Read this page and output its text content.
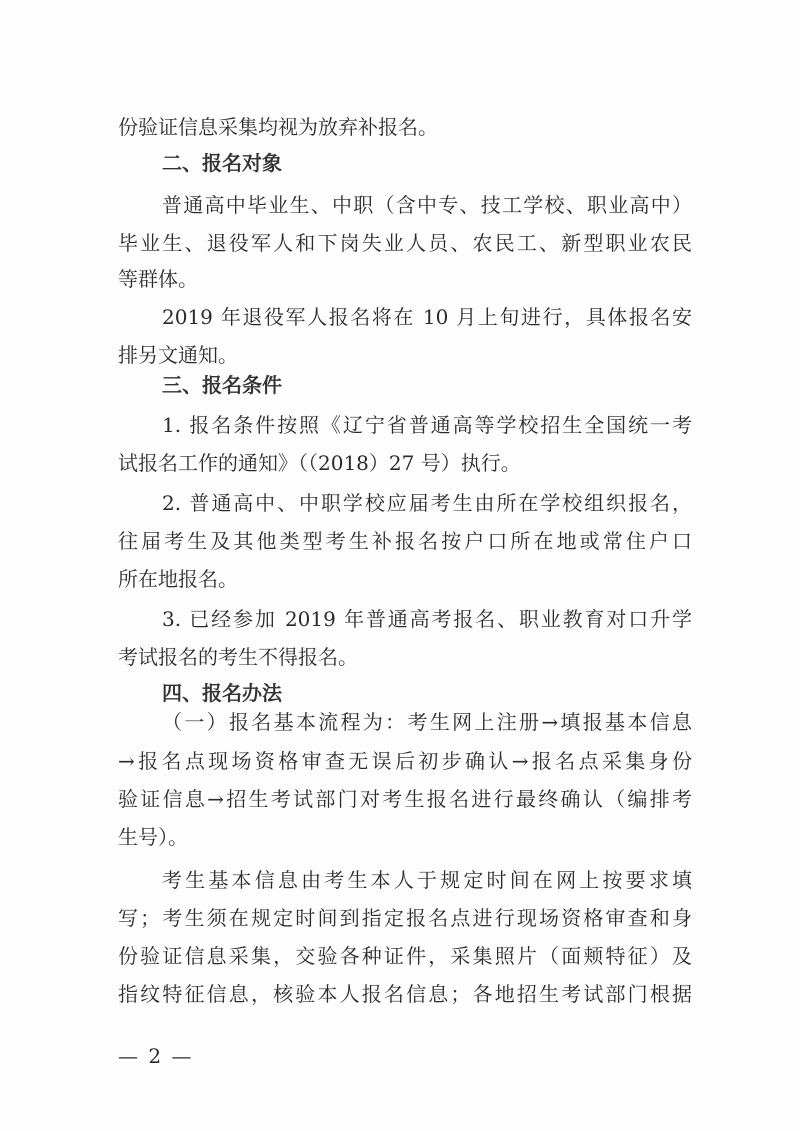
份验证信息采集均视为放弃补报名。
二、报名对象
普通高中毕业生、中职（含中专、技工学校、职业高中）
毕业生、退役军人和下岗失业人员、农民工、新型职业农民
等群体。
2019 年退役军人报名将在 10 月上旬进行，具体报名安
排另文通知。
三、报名条件
1. 报名条件按照《辽宁省普通高等学校招生全国统一考
试报名工作的通知》（（2018）27 号）执行。
2. 普通高中、中职学校应届考生由所在学校组织报名，
往届考生及其他类型考生补报名按户口所在地或常住户口
所在地报名。
3. 已经参加 2019 年普通高考报名、职业教育对口升学
考试报名的考生不得报名。
四、报名办法
（一）报名基本流程为：考生网上注册→填报基本信息
→报名点现场资格审查无误后初步确认→报名点采集身份
验证信息→招生考试部门对考生报名进行最终确认（编排考
生号）。
考生基本信息由考生本人于规定时间在网上按要求填
写；考生须在规定时间到指定报名点进行现场资格审查和身
份验证信息采集，交验各种证件，采集照片（面颊特征）及
指纹特征信息，核验本人报名信息；各地招生考试部门根据
— 2 —
